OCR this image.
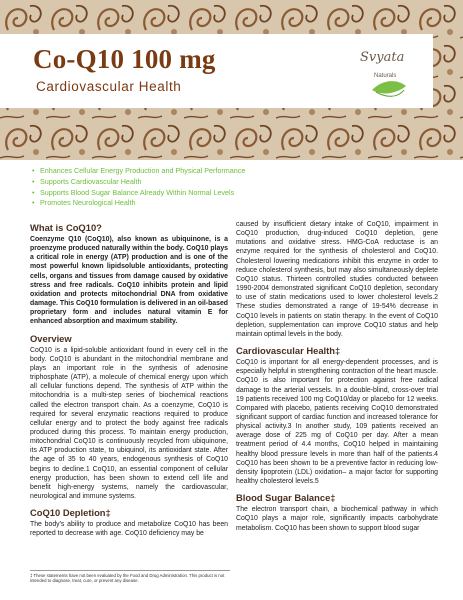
Co-Q10 100 mg
Cardiovascular Health
Svyata
Naturals
• Enhances Cellular Energy Production and Physical Performance
• Supports Cardiovascular Health
• Supports Blood Sugar Balance Already Within Normal Levels
• Promotes Neurological Health
What is CoQ10?

Coenzyme Q10 (CoQ10), also known as ubiquinone, is a proenzyme produced naturally within the body. CoQ10 plays a critical role in energy (ATP) production and is one of the most powerful known lipidsoluble antioxidants, protecting cells, organs and tissues from damage caused by oxidative stress and free radicals. CoQ10 inhibits protein and lipid oxidation and protects mitochondrial DNA from oxidative damage. This CoQ10 formulation is delivered in an oil-based proprietary form and includes natural vitamin E for enhanced absorption and maximum stability.

Overview

CoQ10 is a lipid-soluble antioxidant found in every cell in the body. CoQ10 is abundant in the mitochondrial membrane and plays an important role in the synthesis of adenosine triphosphate (ATP), a molecule of chemical energy upon which all cellular functions depend. The synthesis of ATP within the mitochondria is a multi-step series of biochemical reactions called the electron transport chain. As a coenzyme, CoQ10 is required for several enzymatic reactions required to produce cellular energy and to protect the body against free radicals produced during this process. To maintain energy production, mitochondrial CoQ10 is continuously recycled from ubiquinone, its ATP production state, to ubiquinol, its antioxidant state. After the age of 35 to 40 years, endogenous synthesis of CoQ10 begins to decline.1 CoQ10, an essential component of cellular energy production, has been shown to extend cell life and benefit high-energy systems, namely the cardiovascular, neurological and immune systems.

CoQ10 Depletion‡

The body's ability to produce and metabolize CoQ10 has been reported to decrease with age. CoQ10 deficiency may be

caused by insufficient dietary intake of CoQ10, impairment in CoQ10 production, drug-induced CoQ10 depletion, gene mutations and oxidative stress. HMG-CoA reductase is an enzyme required for the synthesis of cholesterol and CoQ10. Cholesterol lowering medications inhibit this enzyme in order to reduce cholesterol synthesis, but may also simultaneously deplete CoQ10 status. Thirteen controlled studies conducted between 1990-2004 demonstrated significant CoQ10 depletion, secondary to use of statin medications used to lower cholesterol levels.2 These studies demonstrated a range of 19-54% decrease in CoQ10 levels in patients on statin therapy. In the event of CoQ10 depletion, supplementation can improve CoQ10 status and help maintain optimal levels in the body.

Cardiovascular Health‡

CoQ10 is important for all energy-dependent processes, and is especially helpful in strengthening contraction of the heart muscle. CoQ10 is also important for protection against free radical damage to the arterial vessels. In a double-blind, cross-over trial 19 patients received 100 mg CoQ10/day or placebo for 12 weeks. Compared with placebo, patients receiving CoQ10 demonstrated significant support of cardiac function and increased tolerance for physical activity.3 In another study, 109 patients received an average dose of 225 mg of CoQ10 per day. After a mean treatment period of 4.4 months, CoQ10 helped in maintaining healthy blood pressure levels in more than half of the patients.4 CoQ10 has been shown to be a preventive factor in reducing low-density lipoprotein (LDL) oxidation– a major factor for supporting healthy cholesterol levels.5

Blood Sugar Balance‡

The electron transport chain, a biochemical pathway in which CoQ10 plays a major role, significantly impacts carbohydrate metabolism. CoQ10 has been shown to support blood sugar

‡ These statements have not been evaluated by the Food and Drug Administration. This product is not intended to diagnose, treat, cure, or prevent any disease.
